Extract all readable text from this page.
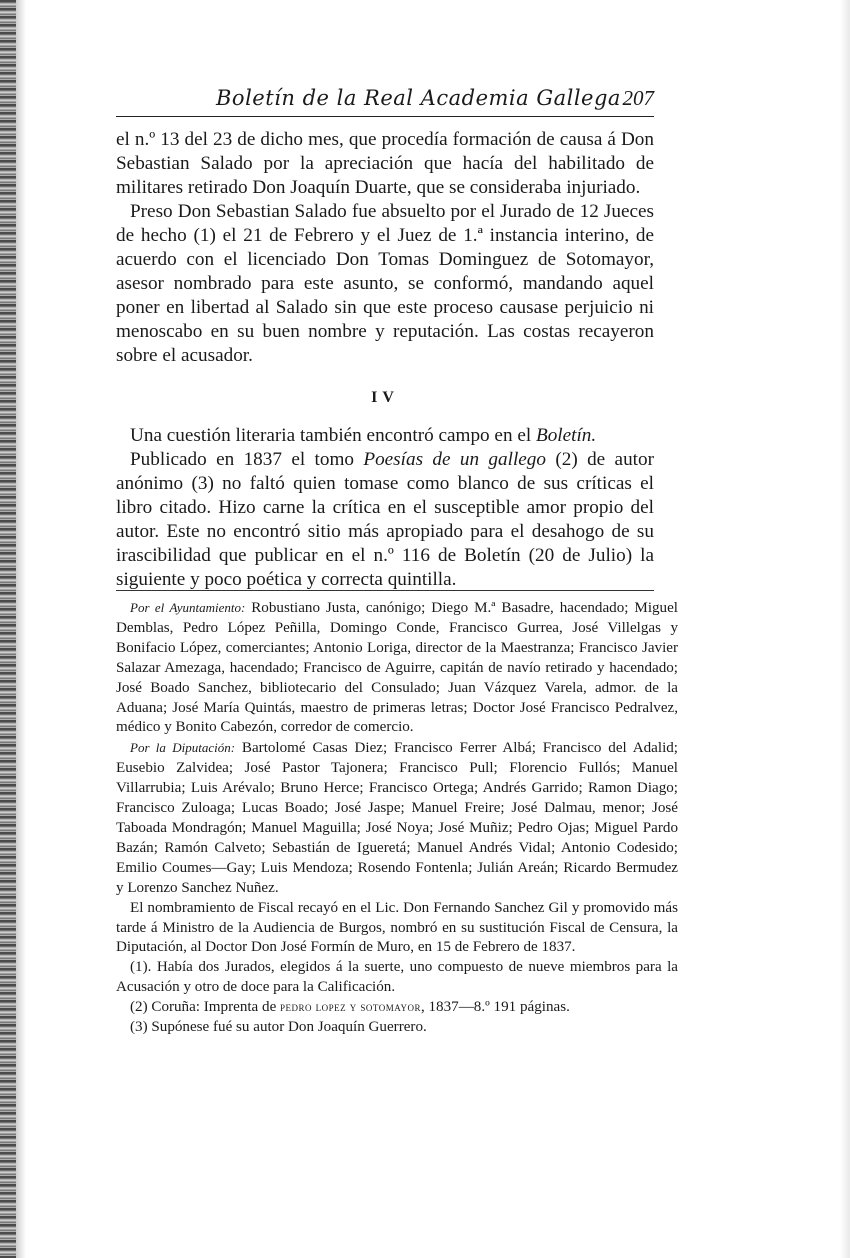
Boletín de la Real Academia Gallega 207

el n.º 13 del 23 de dicho mes, que procedía formación de causa á Don Sebastian Salado por la apreciación que hacía del habilitado de militares retirado Don Joaquín Duarte, que se consideraba injuriado.

Preso Don Sebastian Salado fue absuelto por el Jurado de 12 Jueces de hecho (1) el 21 de Febrero y el Juez de 1.ª instancia interino, de acuerdo con el licenciado Don Tomas Dominguez de Sotomayor, asesor nombrado para este asunto, se conformó, mandando aquel poner en libertad al Salado sin que este proceso causase perjuicio ni menoscabo en su buen nombre y reputación. Las costas recayeron sobre el acusador.

IV

Una cuestión literaria también encontró campo en el Boletín.

Publicado en 1837 el tomo Poesías de un gallego (2) de autor anónimo (3) no faltó quien tomase como blanco de sus críticas el libro citado. Hizo carne la crítica en el susceptible amor propio del autor. Este no encontró sitio más apropiado para el desahogo de su irascibilidad que publicar en el n.º 116 de Boletín (20 de Julio) la siguiente y poco poética y correcta quintilla.

Por el Ayuntamiento: Robustiano Justa, canónigo; Diego M.ª Basadre, hacendado; Miguel Demblas, Pedro López Peñilla, Domingo Conde, Francisco Gurrea, José Villelgas y Bonifacio López, comerciantes; Antonio Loriga, director de la Maestranza; Francisco Javier Salazar Amezaga, hacendado; Francisco de Aguirre, capitán de navío retirado y hacendado; José Boado Sanchez, bibliotecario del Consulado; Juan Vázquez Varela, admor. de la Aduana; José María Quintás, maestro de primeras letras; Doctor José Francisco Pedralvez, médico y Bonito Cabezón, corredor de comercio.

Por la Diputación: Bartolomé Casas Diez; Francisco Ferrer Albá; Francisco del Adalid; Eusebio Zalvidea; José Pastor Tajonera; Francisco Pull; Florencio Fullós; Manuel Villarrubia; Luis Arévalo; Bruno Herce; Francisco Ortega; Andrés Garrido; Ramon Diago; Francisco Zuloaga; Lucas Boado; José Jaspe; Manuel Freire; José Dalmau, menor; José Taboada Mondragón; Manuel Maguilla; José Noya; José Muñiz; Pedro Ojas; Miguel Pardo Bazán; Ramón Calveto; Sebastián de Igueretá; Manuel Andrés Vidal; Antonio Codesido; Emilio Coumes—Gay; Luis Mendoza; Rosendo Fontenla; Julián Areán; Ricardo Bermudez y Lorenzo Sanchez Nuñez.

El nombramiento de Fiscal recayó en el Lic. Don Fernando Sanchez Gil y promovido más tarde á Ministro de la Audiencia de Burgos, nombró en su sustitución Fiscal de Censura, la Diputación, al Doctor Don José Formín de Muro, en 15 de Febrero de 1837.

(1). Había dos Jurados, elegidos á la suerte, uno compuesto de nueve miembros para la Acusación y otro de doce para la Calificación.

(2) Coruña: Imprenta de pedro lopez y sotomayor, 1837—8.º 191 páginas.

(3) Supónese fué su autor Don Joaquín Guerrero.
